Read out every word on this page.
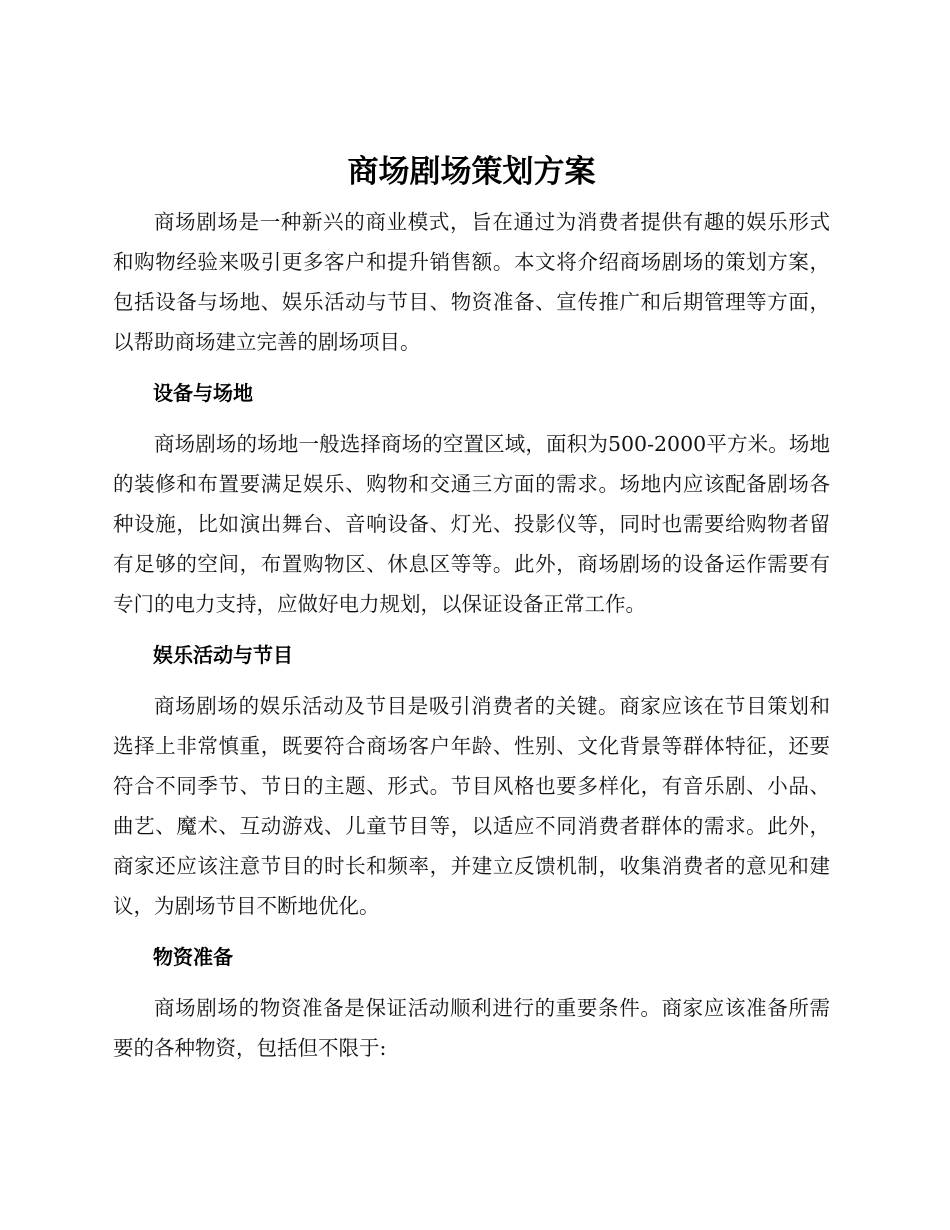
商场剧场策划方案

商场剧场是一种新兴的商业模式，旨在通过为消费者提供有趣的娱乐形式和购物经验来吸引更多客户和提升销售额。本文将介绍商场剧场的策划方案，包括设备与场地、娱乐活动与节目、物资准备、宣传推广和后期管理等方面，以帮助商场建立完善的剧场项目。

设备与场地

商场剧场的场地一般选择商场的空置区域，面积为500-2000平方米。场地的装修和布置要满足娱乐、购物和交通三方面的需求。场地内应该配备剧场各种设施，比如演出舞台、音响设备、灯光、投影仪等，同时也需要给购物者留有足够的空间，布置购物区、休息区等等。此外，商场剧场的设备运作需要有专门的电力支持，应做好电力规划，以保证设备正常工作。

娱乐活动与节目

商场剧场的娱乐活动及节目是吸引消费者的关键。商家应该在节目策划和选择上非常慎重，既要符合商场客户年龄、性别、文化背景等群体特征，还要符合不同季节、节日的主题、形式。节目风格也要多样化，有音乐剧、小品、曲艺、魔术、互动游戏、儿童节目等，以适应不同消费者群体的需求。此外，商家还应该注意节目的时长和频率，并建立反馈机制，收集消费者的意见和建议，为剧场节目不断地优化。

物资准备

商场剧场的物资准备是保证活动顺利进行的重要条件。商家应该准备所需要的各种物资，包括但不限于:
